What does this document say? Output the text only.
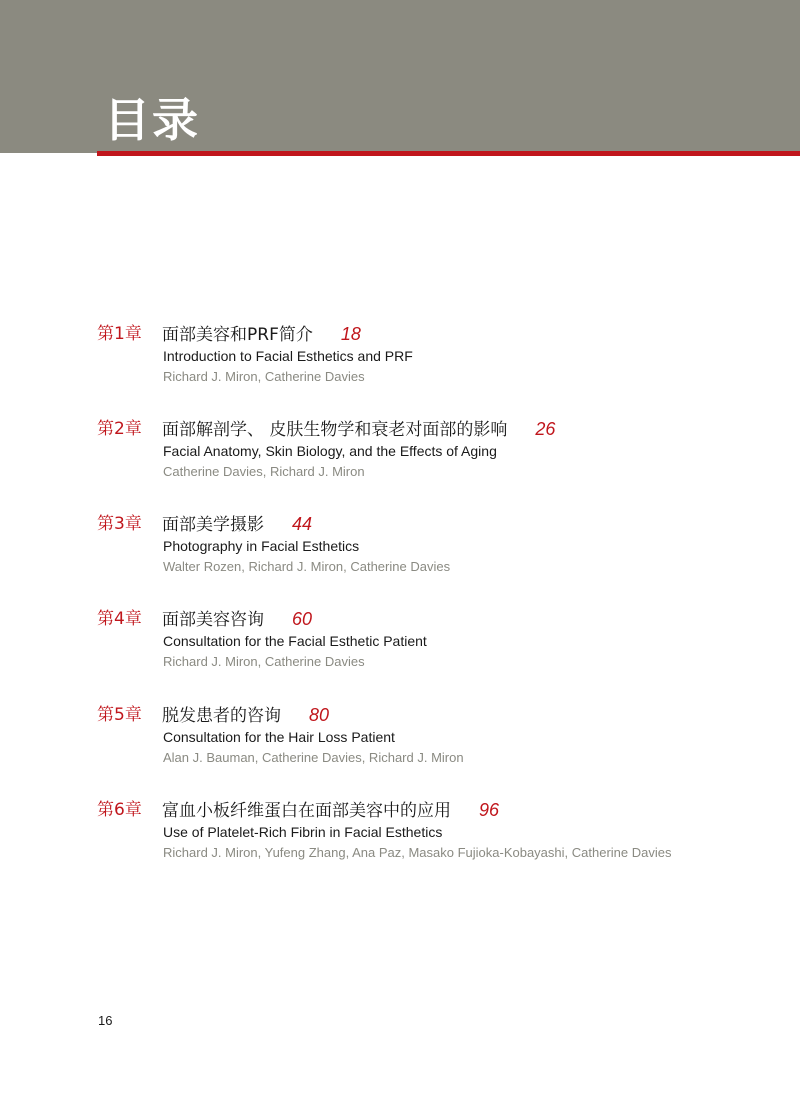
目录
第1章 面部美容和PRF简介 18
Introduction to Facial Esthetics and PRF
Richard J. Miron, Catherine Davies
第2章 面部解剖学、 皮肤生物学和衰老对面部的影响 26
Facial Anatomy, Skin Biology, and the Effects of Aging
Catherine Davies, Richard J. Miron
第3章 面部美学摄影 44
Photography in Facial Esthetics
Walter Rozen, Richard J. Miron, Catherine Davies
第4章 面部美容咨询 60
Consultation for the Facial Esthetic Patient
Richard J. Miron, Catherine Davies
第5章 脱发患者的咨询 80
Consultation for the Hair Loss Patient
Alan J. Bauman, Catherine Davies, Richard J. Miron
第6章 富血小板纤维蛋白在面部美容中的应用 96
Use of Platelet-Rich Fibrin in Facial Esthetics
Richard J. Miron, Yufeng Zhang, Ana Paz, Masako Fujioka-Kobayashi, Catherine Davies
16
